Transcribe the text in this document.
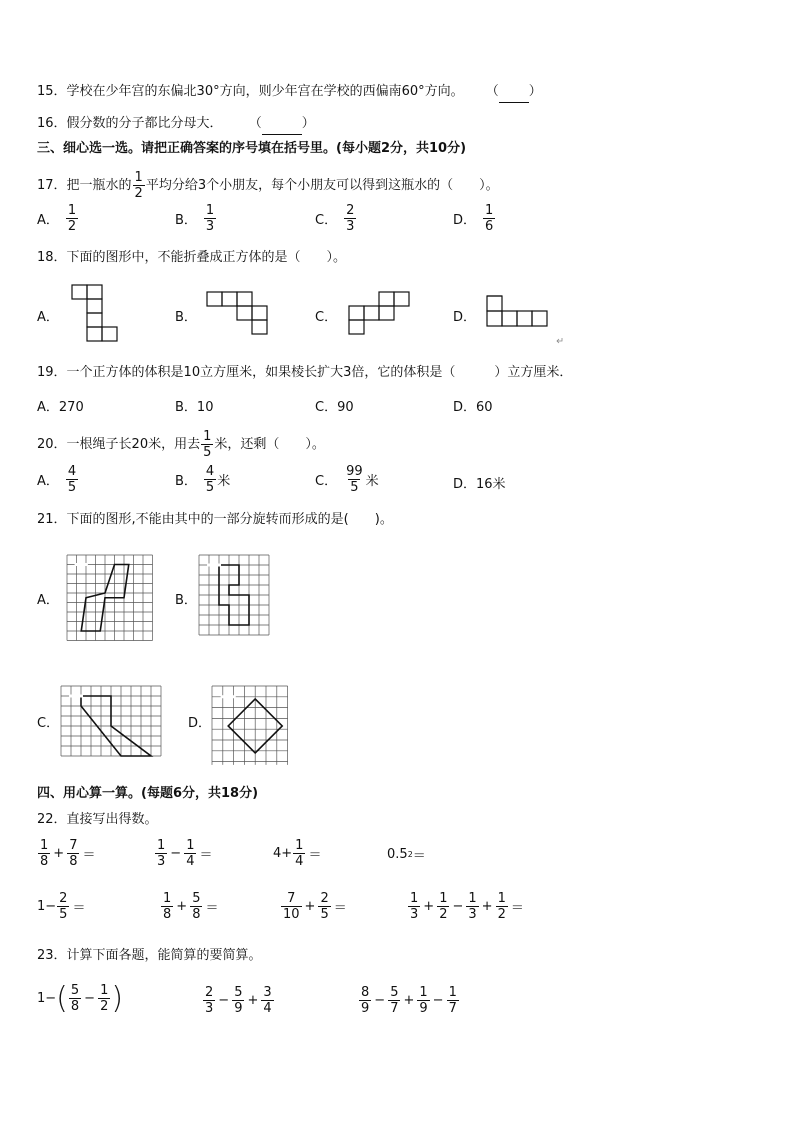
15．学校在少年宫的东偏北30°方向，则少年宫在学校的西偏南60°方向。 （ ）
16．假分数的分子都比分母大． （	）
三、细心选一选。请把正确答案的序号填在括号里。(每小题2分，共10分)
17．把一瓶水的 $\frac{1}{2}$ 平均分给3个小朋友，每个小朋友可以得到这瓶水的（　　）。
A． $\frac{1}{2}$	B． $\frac{1}{3}$	C． $\frac{2}{3}$	D． $\frac{1}{6}$
18．下面的图形中，不能折叠成正方体的是（　　）。
A．	B．	C．	D．
19．一个正方体的体积是10立方厘米，如果棱长扩大3倍，它的体积是（　　　）立方厘米．
A．270	B．10	C．90	D．60
20．一根绳子长20米，用去 $\frac{1}{5}$ 米，还剩（　　）。
A． $\frac{4}{5}$	B． $\frac{4}{5}$ 米	C． $\frac{99}{5}$ 米	D． 16米
21．下面的图形,不能由其中的一部分旋转而形成的是(　　)。
A．	B．
C．	D．
四、用心算一算。(每题6分，共18分)
22．直接写出得数。
$\frac{1}{8} + \frac{7}{8}$ ＝	$\frac{1}{3} - \frac{1}{4}$ ＝	$4+ \frac{1}{4}$ ＝	0.5 2 ＝
$1- \frac{2}{5}$ ＝	$\frac{1}{8} + \frac{5}{8}$ ＝	$\frac{7}{10} + \frac{2}{5}$ ＝	$\frac{1}{3} + \frac{1}{2} - \frac{1}{3} + \frac{1}{2}$ ＝
23．计算下面各题，能简算的要简算。
1− ( $\frac{5}{8} - \frac{1}{2}$ )	$\frac{2}{3} - \frac{5}{9} + \frac{3}{4}$	$\frac{8}{9} - \frac{5}{7} + \frac{1}{9} - \frac{1}{7}$
